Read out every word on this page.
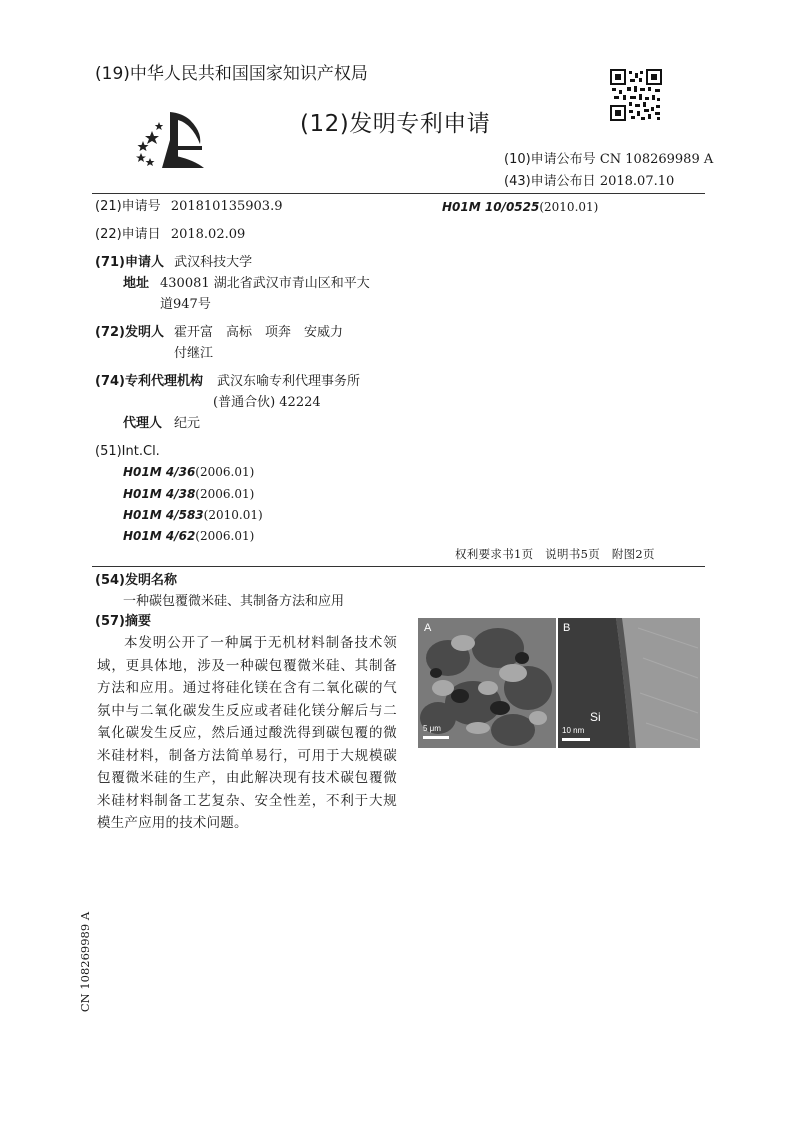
(19)中华人民共和国国家知识产权局
(12)发明专利申请
(10)申请公布号 CN 108269989 A
(43)申请公布日 2018.07.10
(21)申请号 201810135903.9
(22)申请日 2018.02.09
(71)申请人 武汉科技大学
地址 430081 湖北省武汉市青山区和平大
道947号
(72)发明人 霍开富　高标　项奔　安威力
付继江
(74)专利代理机构 武汉东喻专利代理事务所
(普通合伙) 42224
代理人 纪元
(51)Int.Cl.
H01M 4/36(2006.01)
H01M 4/38(2006.01)
H01M 4/583(2010.01)
H01M 4/62(2006.01)
H01M 10/0525(2010.01)
权利要求书1页　说明书5页　附图2页
(54)发明名称
一种碳包覆微米硅、其制备方法和应用
(57)摘要
本发明公开了一种属于无机材料制备技术领域，更具体地，涉及一种碳包覆微米硅、其制备方法和应用。通过将硅化镁在含有二氧化碳的气氛中与二氧化碳发生反应或者硅化镁分解后与二氧化碳发生反应，然后通过酸洗得到碳包覆的微米硅材料，制备方法简单易行，可用于大规模碳包覆微米硅的生产，由此解决现有技术碳包覆微米硅材料制备工艺复杂、安全性差，不利于大规模生产应用的技术问题。
A
5 μm
B
Si
10 nm
CN 108269989 A
